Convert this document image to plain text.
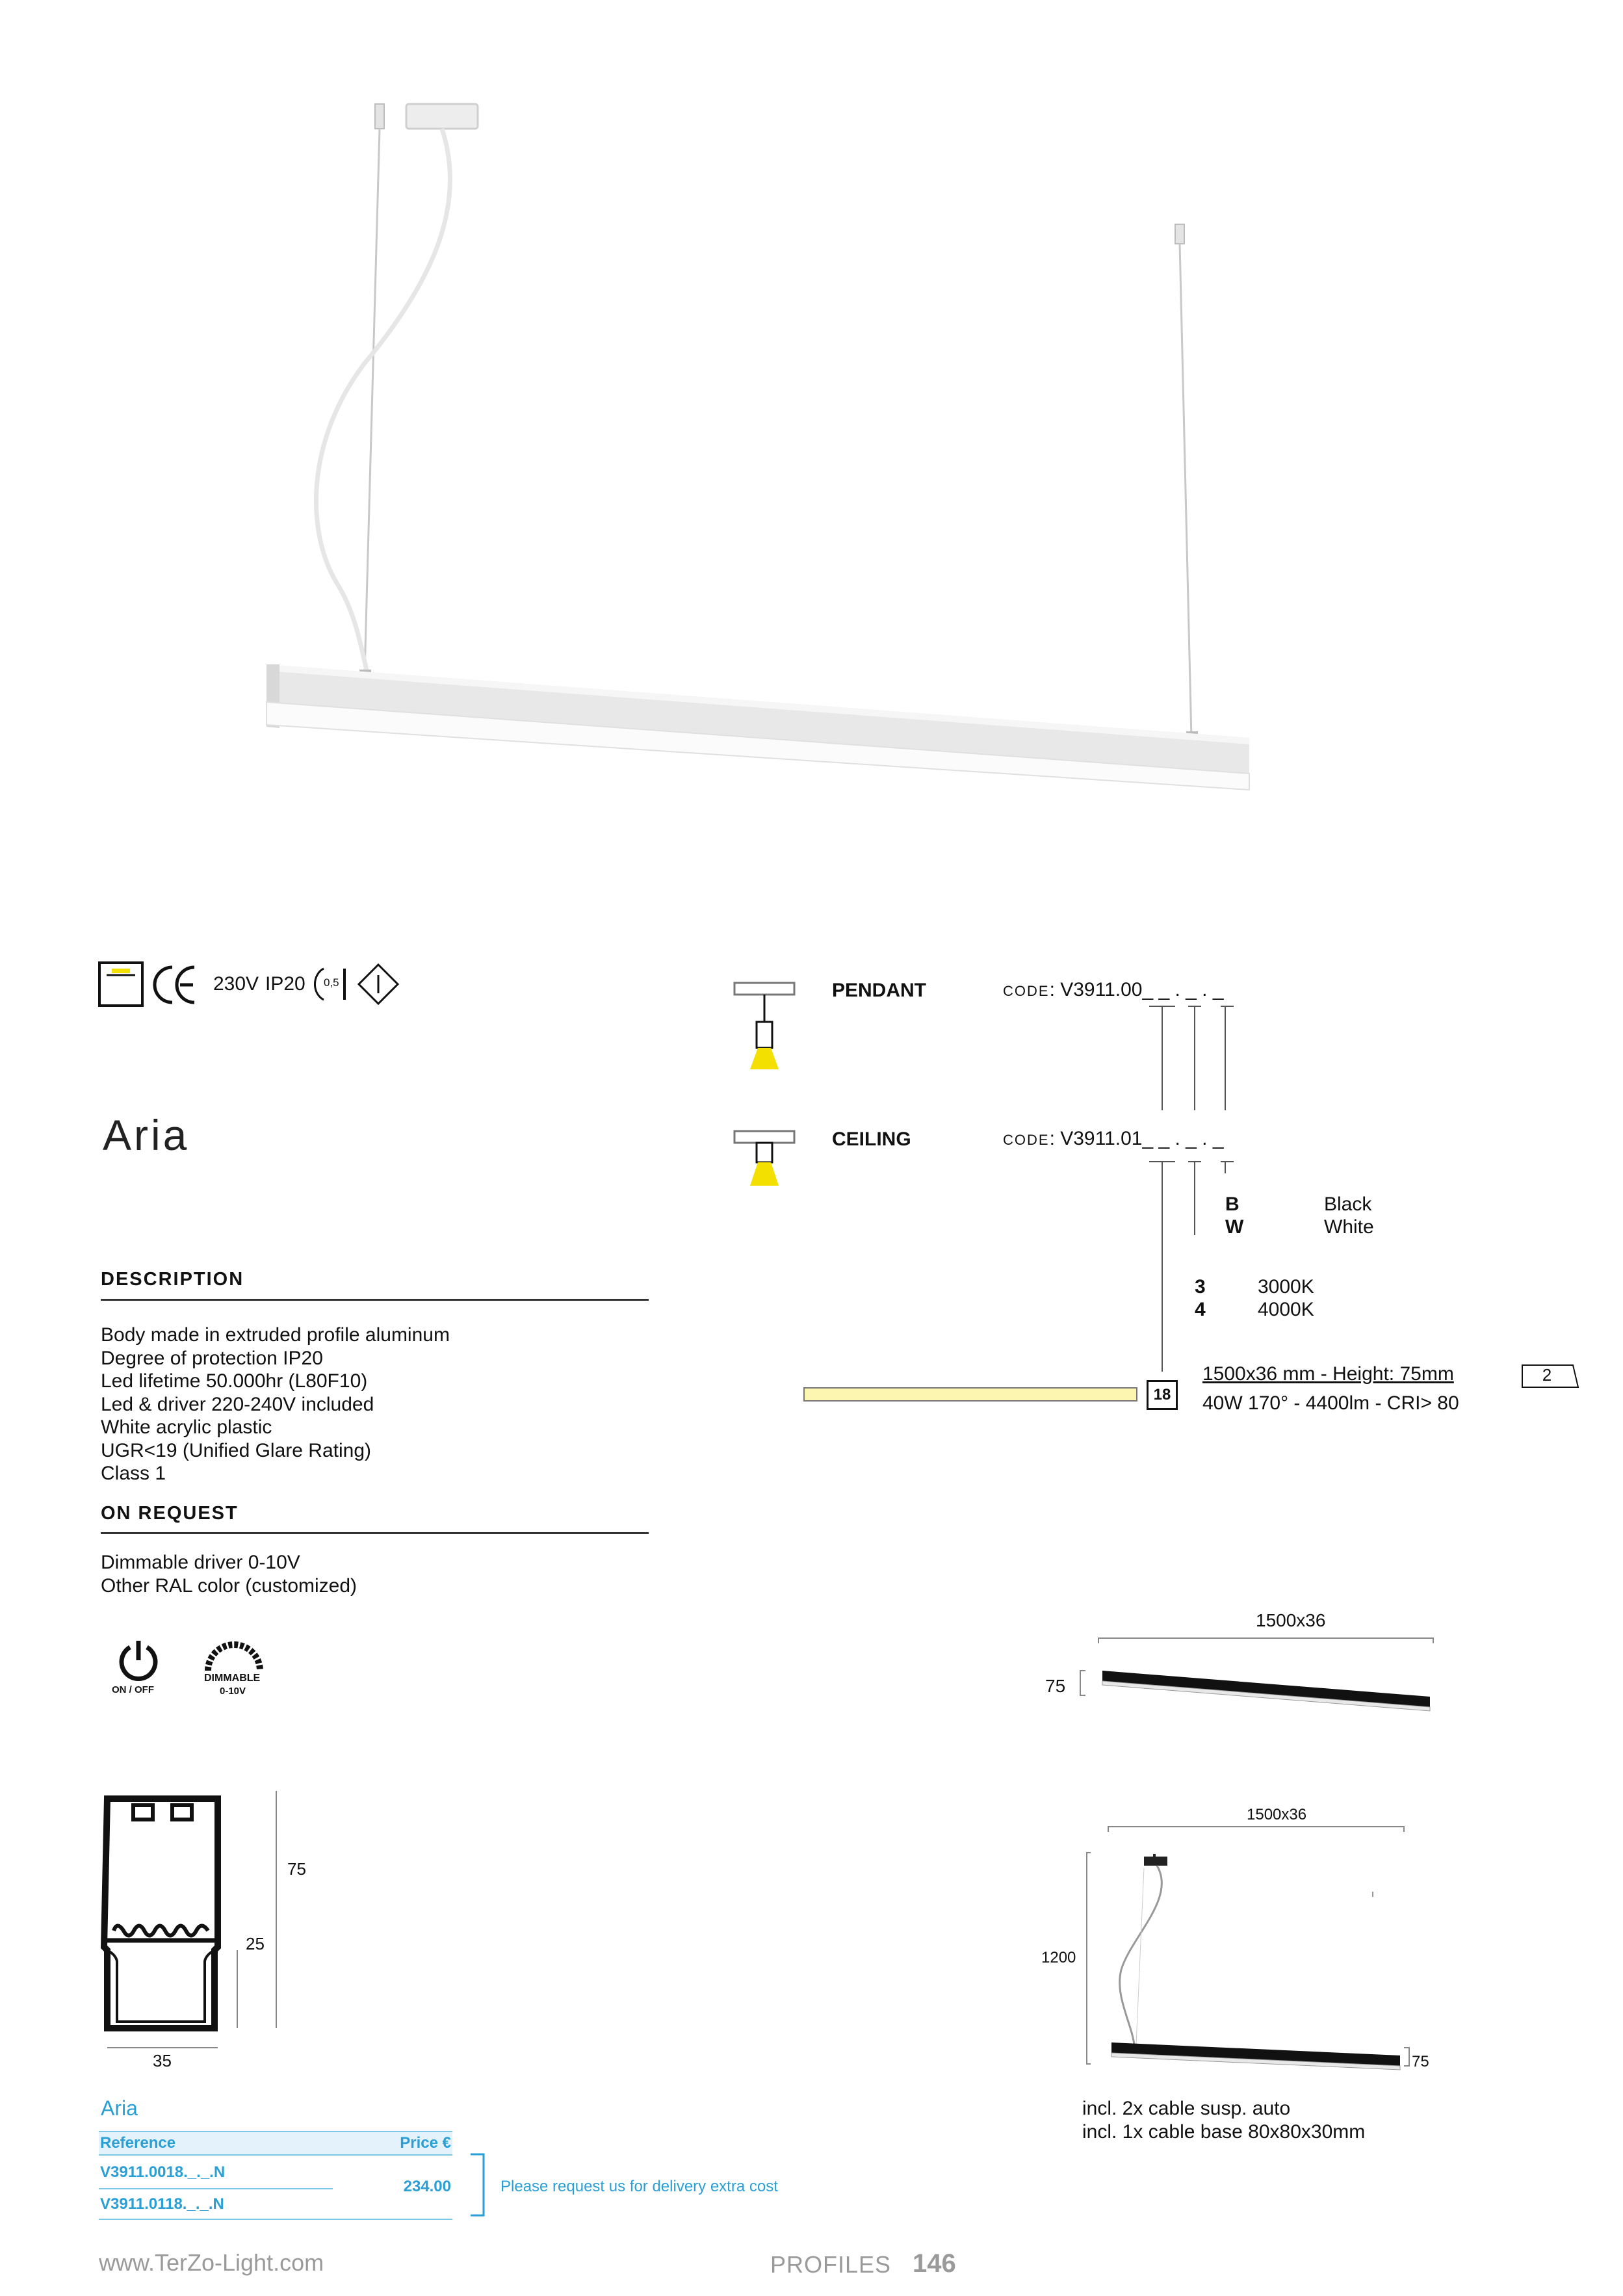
230V IP20 0,5
Aria
DESCRIPTION
Body made in extruded profile aluminum
Degree of protection IP20
Led lifetime 50.000hr (L80F10)
Led & driver 220-240V included
White acrylic plastic
UGR<19 (Unified Glare Rating)
Class 1
ON REQUEST
Dimmable driver 0-10V
Other RAL color (customized)
ON / OFF
DIMMABLE
0-10V
75
25
35
Aria
Reference	Price €
V3911.0018._._.N
V3911.0118._._.N
234.00	Please request us for delivery extra cost
PENDANT	CODE: V3911.00_ _ . _ . _
CEILING	CODE: V3911.01_ _ . _ . _
B	Black
W	White
3	3000K
4	4000K
18
1500x36 mm - Height: 75mm
40W 170° - 4400lm - CRI> 80
2
1500x36
75
1500x36
1200
75
incl. 2x cable susp. auto
incl. 1x cable base 80x80x30mm
www.TerZo-Light.com	PROFILES 146
